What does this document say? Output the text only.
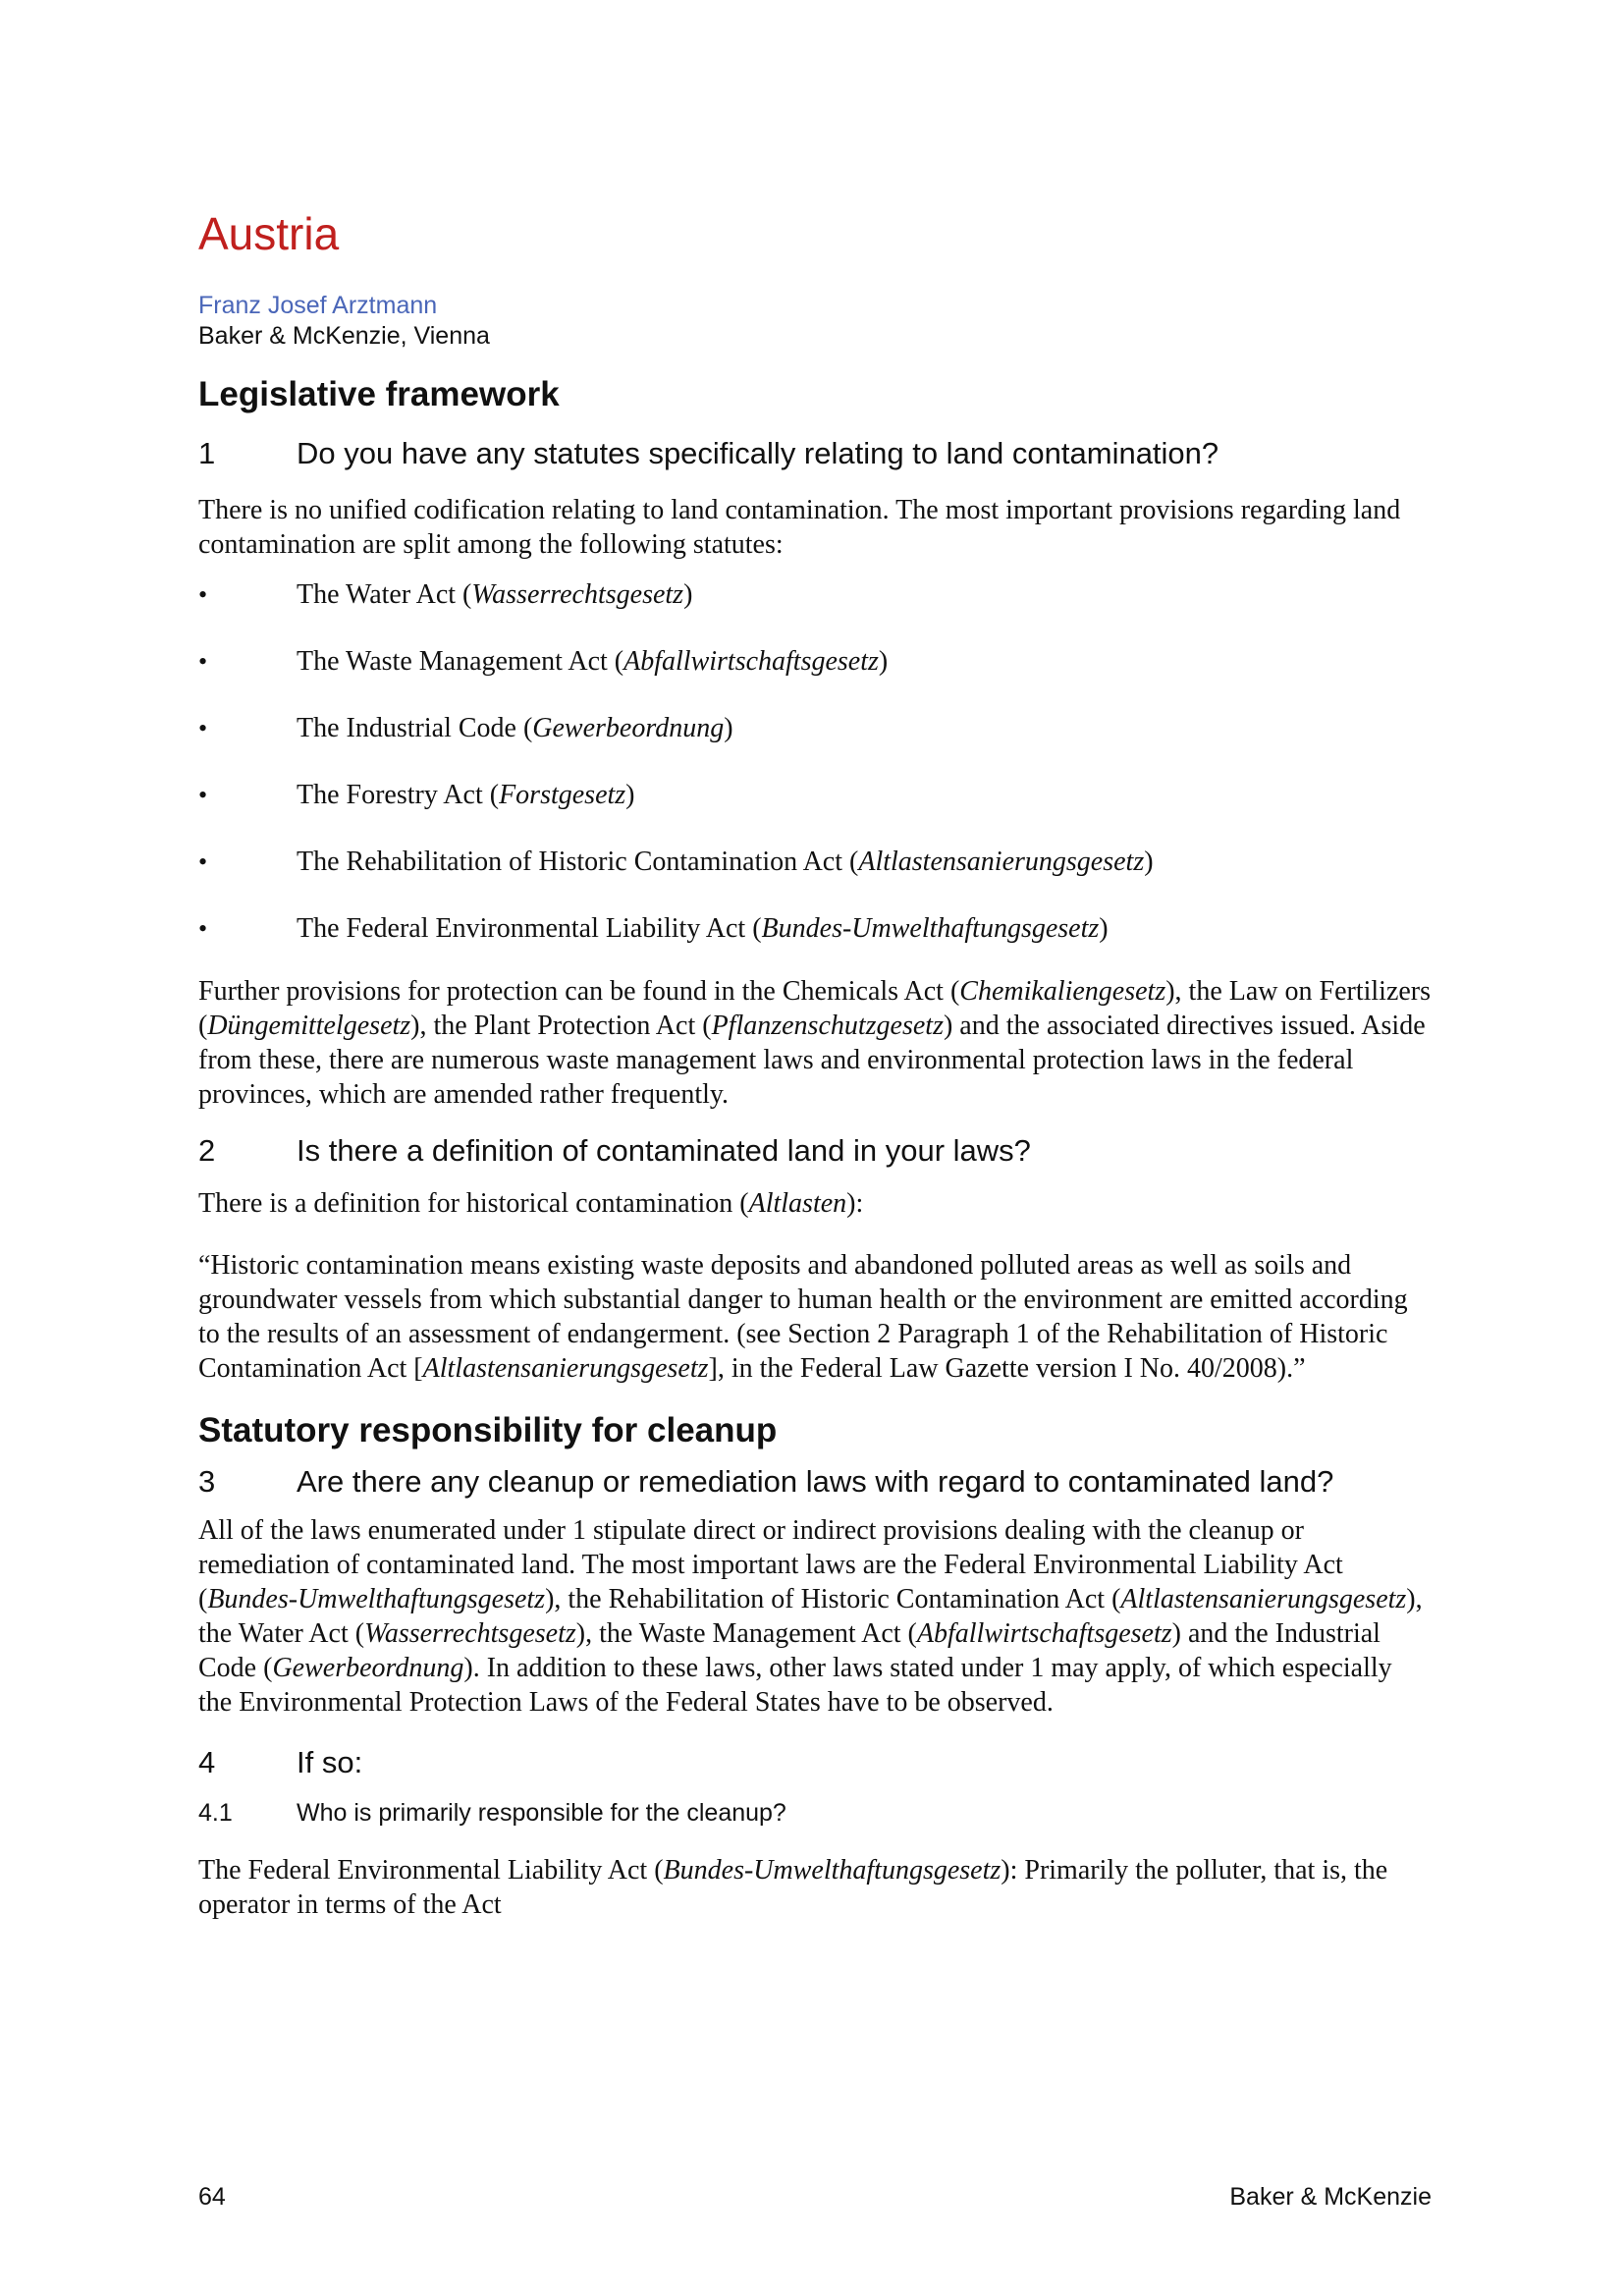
Austria
Franz Josef Arztmann
Baker & McKenzie, Vienna
Legislative framework
1	Do you have any statutes specifically relating to land contamination?

There is no unified codification relating to land contamination. The most important provisions regarding land contamination are split among the following statutes:

•	The Water Act (Wasserrechtsgesetz)
•	The Waste Management Act (Abfallwirtschaftsgesetz)
•	The Industrial Code (Gewerbeordnung)
•	The Forestry Act (Forstgesetz)
•	The Rehabilitation of Historic Contamination Act (Altlastensanierungsgesetz)
•	The Federal Environmental Liability Act (Bundes-Umwelthaftungsgesetz)

Further provisions for protection can be found in the Chemicals Act (Chemikaliengesetz), the Law on Fertilizers (Düngemittelgesetz), the Plant Protection Act (Pflanzenschutzgesetz) and the associated directives issued. Aside from these, there are numerous waste management laws and environmental protection laws in the federal provinces, which are amended rather frequently.

2	Is there a definition of contaminated land in your laws?

There is a definition for historical contamination (Altlasten):

“Historic contamination means existing waste deposits and abandoned polluted areas as well as soils and groundwater vessels from which substantial danger to human health or the environment are emitted according to the results of an assessment of endangerment. (see Section 2 Paragraph 1 of the Rehabilitation of Historic Contamination Act [Altlastensanierungsgesetz], in the Federal Law Gazette version I No. 40/2008).”

Statutory responsibility for cleanup
3	Are there any cleanup or remediation laws with regard to contaminated land?

All of the laws enumerated under 1 stipulate direct or indirect provisions dealing with the cleanup or remediation of contaminated land. The most important laws are the Federal Environmental Liability Act (Bundes-Umwelthaftungsgesetz), the Rehabilitation of Historic Contamination Act (Altlastensanierungsgesetz), the Water Act (Wasserrechtsgesetz), the Waste Management Act (Abfallwirtschaftsgesetz) and the Industrial Code (Gewerbeordnung). In addition to these laws, other laws stated under 1 may apply, of which especially the Environmental Protection Laws of the Federal States have to be observed.

4	If so:
4.1	Who is primarily responsible for the cleanup?

The Federal Environmental Liability Act (Bundes-Umwelthaftungsgesetz): Primarily the polluter, that is, the operator in terms of the Act

64	Baker & McKenzie
